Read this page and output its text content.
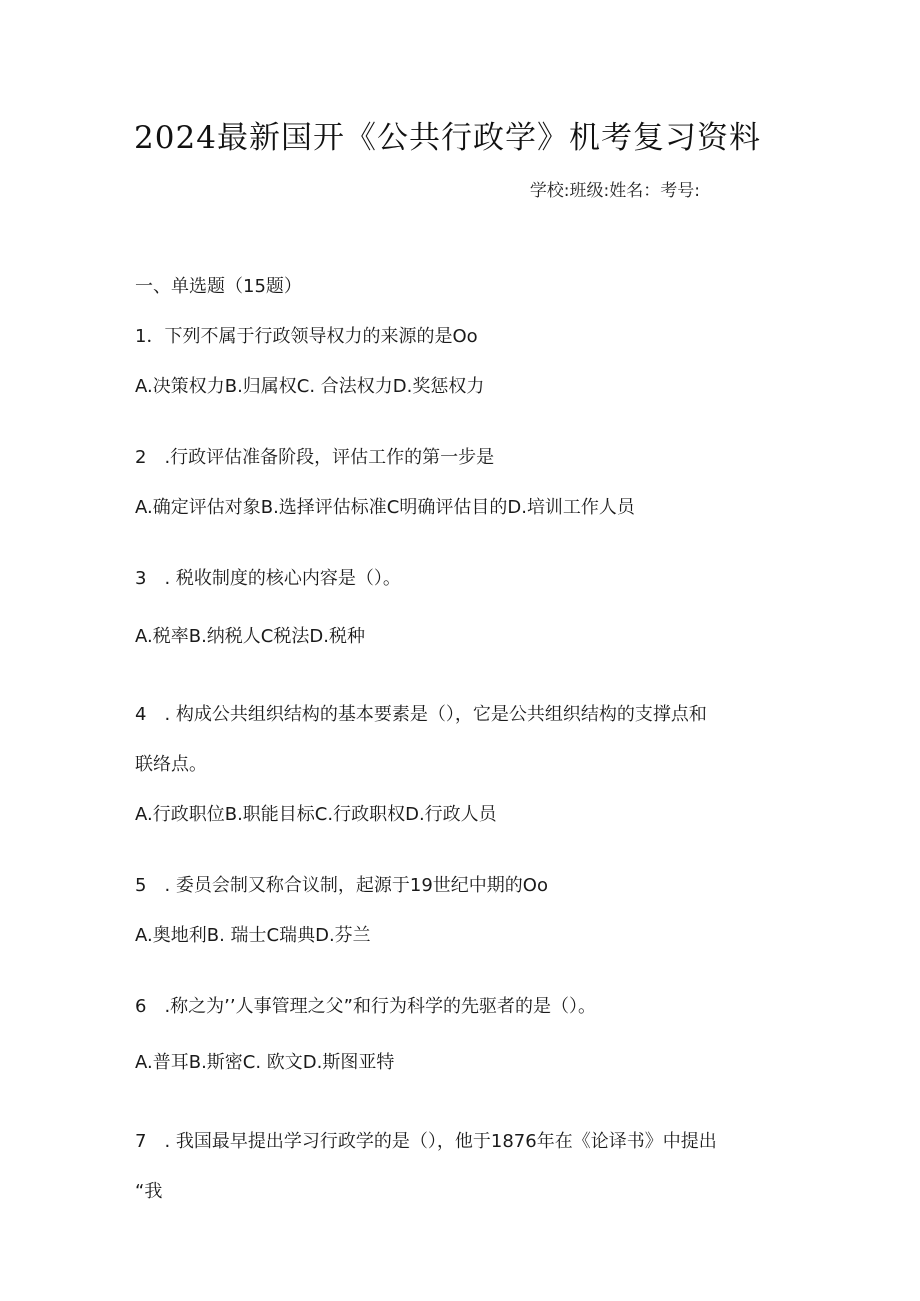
2024最新国开《公共行政学》机考复习资料
学校:班级:姓名：考号:
一、单选题（15题）
1．下列不属于行政领导权力的来源的是Oo
A.决策权力B.归属权C. 合法权力D.奖惩权力
2　.行政评估准备阶段，评估工作的第一步是
A.确定评估对象B.选择评估标准C明确评估目的D.培训工作人员
3　. 税收制度的核心内容是（）。
A.税率B.纳税人C税法D.税种
4　. 构成公共组织结构的基本要素是（），它是公共组织结构的支撑点和
联络点。
A.行政职位B.职能目标C.行政职权D.行政人员
5　. 委员会制又称合议制，起源于19世纪中期的Oo
A.奥地利B. 瑞士C瑞典D.芬兰
6　.称之为’’人事管理之父”和行为科学的先驱者的是（）。
A.普耳B.斯密C. 欧文D.斯图亚特
7　. 我国最早提出学习行政学的是（），他于1876年在《论译书》中提出
“我
